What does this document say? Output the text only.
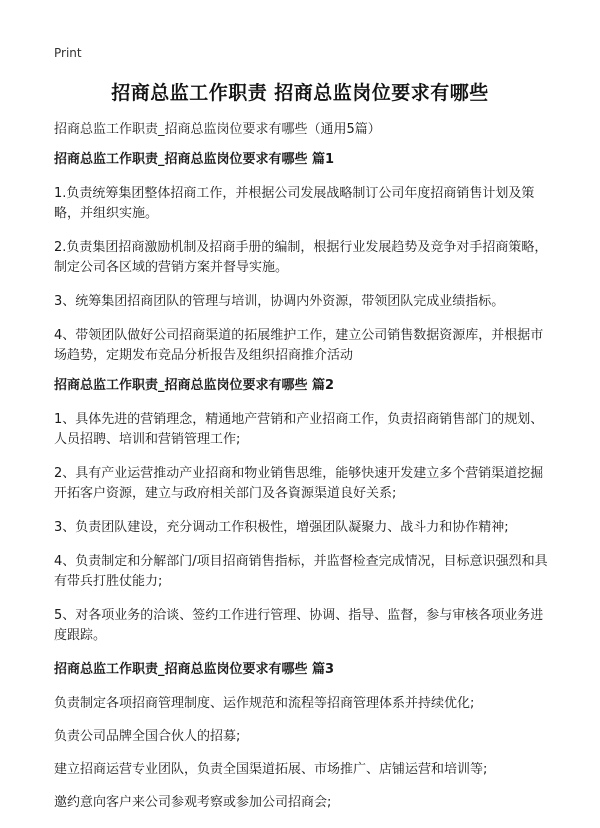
Print
招商总监工作职责 招商总监岗位要求有哪些

招商总监工作职责_招商总监岗位要求有哪些（通用5篇）

招商总监工作职责_招商总监岗位要求有哪些 篇1

1.负责统筹集团整体招商工作，并根据公司发展战略制订公司年度招商销售计划及策略，并组织实施。

2.负责集团招商激励机制及招商手册的编制，根据行业发展趋势及竞争对手招商策略，制定公司各区域的营销方案并督导实施。

3、统筹集团招商团队的管理与培训，协调内外资源，带领团队完成业绩指标。

4、带领团队做好公司招商渠道的拓展维护工作，建立公司销售数据资源库，并根据市场趋势，定期发布竞品分析报告及组织招商推介活动

招商总监工作职责_招商总监岗位要求有哪些 篇2

1、具体先进的营销理念，精通地产营销和产业招商工作，负责招商销售部门的规划、人员招聘、培训和营销管理工作;

2、具有产业运营推动产业招商和物业销售思维，能够快速开发建立多个营销渠道挖掘开拓客户资源，建立与政府相关部门及各資源渠道良好关系;

3、负责团队建设，充分调动工作积极性，增强团队凝聚力、战斗力和协作精神;

4、负责制定和分解部门/项目招商销售指标，并监督检查完成情况，目标意识强烈和具有带兵打胜仗能力;

5、对各项业务的洽谈、签约工作进行管理、协调、指导、监督，参与审核各项业务进度跟踪。

招商总监工作职责_招商总监岗位要求有哪些 篇3

负责制定各项招商管理制度、运作规范和流程等招商管理体系并持续优化;

负责公司品牌全国合伙人的招募;

建立招商运营专业团队，负责全国渠道拓展、市场推广、店铺运营和培训等;

邀约意向客户来公司参观考察或参加公司招商会;
